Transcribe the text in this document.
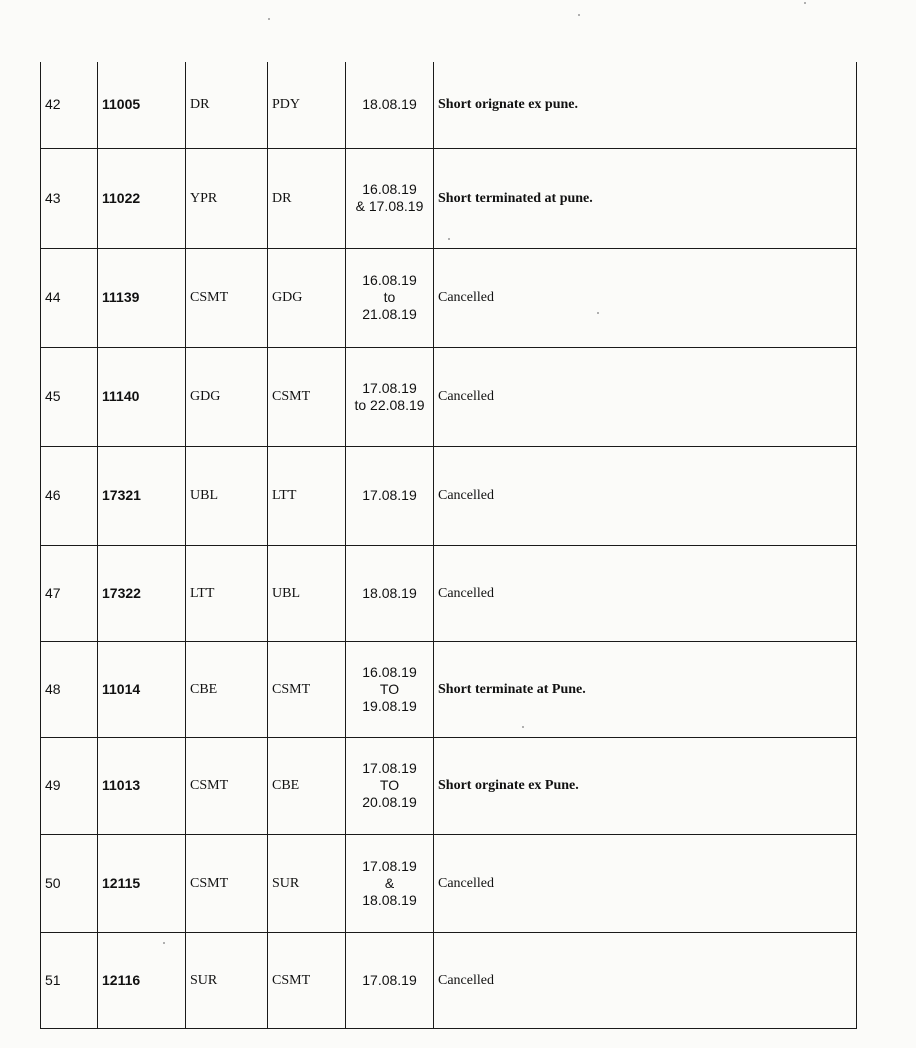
42	11005	DR	PDY	18.08.19	Short orignate ex pune.
43	11022	YPR	DR	16.08.19
& 17.08.19	Short terminated at pune.
44	11139	CSMT	GDG	16.08.19
to
21.08.19	Cancelled
45	11140	GDG	CSMT	17.08.19
to 22.08.19	Cancelled
46	17321	UBL	LTT	17.08.19	Cancelled
47	17322	LTT	UBL	18.08.19	Cancelled
48	11014	CBE	CSMT	16.08.19
TO
19.08.19	Short terminate at Pune.
49	11013	CSMT	CBE	17.08.19
TO
20.08.19	Short orginate ex Pune.
50	12115	CSMT	SUR	17.08.19
&
18.08.19	Cancelled
51	12116	SUR	CSMT	17.08.19	Cancelled
